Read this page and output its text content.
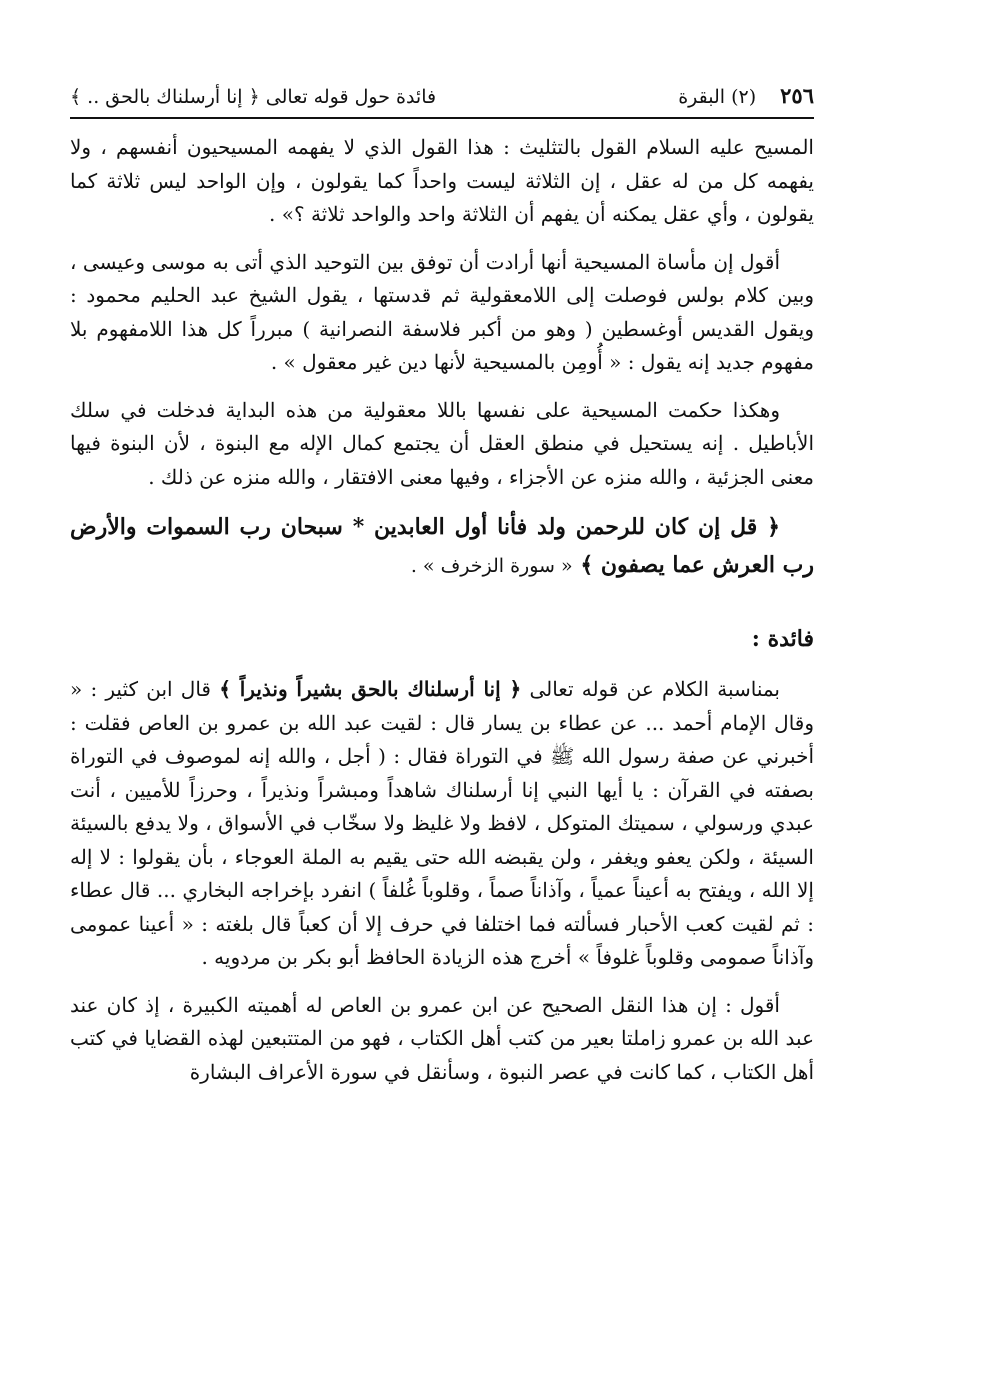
٢٥٦
(٢) البقرة
فائدة حول قوله تعالى ﴿ إنا أرسلناك بالحق .. ﴾

المسيح عليه السلام القول بالتثليث : هذا القول الذي لا يفهمه المسيحيون أنفسهم ، ولا يفهمه كل من له عقل ، إن الثلاثة ليست واحداً كما يقولون ، وإن الواحد ليس ثلاثة كما يقولون ، وأي عقل يمكنه أن يفهم أن الثلاثة واحد والواحد ثلاثة ؟» .

أقول إن مأساة المسيحية أنها أرادت أن توفق بين التوحيد الذي أتى به موسى وعيسى ، وبين كلام بولس فوصلت إلى اللامعقولية ثم قدستها ، يقول الشيخ عبد الحليم محمود : ويقول القديس أوغسطين ( وهو من أكبر فلاسفة النصرانية ) مبرراً كل هذا اللامفهوم بلا مفهوم جديد إنه يقول : « أُومِن بالمسيحية لأنها دين غير معقول » .

وهكذا حكمت المسيحية على نفسها باللا معقولية من هذه البداية فدخلت في سلك الأباطيل . إنه يستحيل في منطق العقل أن يجتمع كمال الإله مع البنوة ، لأن البنوة فيها معنى الجزئية ، والله منزه عن الأجزاء ، وفيها معنى الافتقار ، والله منزه عن ذلك .

﴿ قل إن كان للرحمن ولد فأنا أول العابدين * سبحان رب السموات والأرض رب العرش عما يصفون ﴾ « سورة الزخرف » .

فائدة :

بمناسبة الكلام عن قوله تعالى ﴿ إنا أرسلناك بالحق بشيراً ونذيراً ﴾ قال ابن كثير : « وقال الإمام أحمد ... عن عطاء بن يسار قال : لقيت عبد الله بن عمرو بن العاص فقلت : أخبرني عن صفة رسول الله ﷺ في التوراة فقال : ( أجل ، والله إنه لموصوف في التوراة بصفته في القرآن : يا أيها النبي إنا أرسلناك شاهداً ومبشراً ونذيراً ، وحرزاً للأميين ، أنت عبدي ورسولي ، سميتك المتوكل ، لافظ ولا غليظ ولا سخّاب في الأسواق ، ولا يدفع بالسيئة السيئة ، ولكن يعفو ويغفر ، ولن يقبضه الله حتى يقيم به الملة العوجاء ، بأن يقولوا : لا إله إلا الله ، ويفتح به أعيناً عمياً ، وآذاناً صماً ، وقلوباً غُلفاً ) انفرد بإخراجه البخاري ... قال عطاء : ثم لقيت كعب الأحبار فسألته فما اختلفا في حرف إلا أن كعباً قال بلغته : « أعينا عمومى وآذاناً صمومى وقلوباً غلوفاً » أخرج هذه الزيادة الحافظ أبو بكر بن مردويه .

أقول : إن هذا النقل الصحيح عن ابن عمرو بن العاص له أهميته الكبيرة ، إذ كان عند عبد الله بن عمرو زاملتا بعير من كتب أهل الكتاب ، فهو من المتتبعين لهذه القضايا في كتب أهل الكتاب ، كما كانت في عصر النبوة ، وسأنقل في سورة الأعراف البشارة
